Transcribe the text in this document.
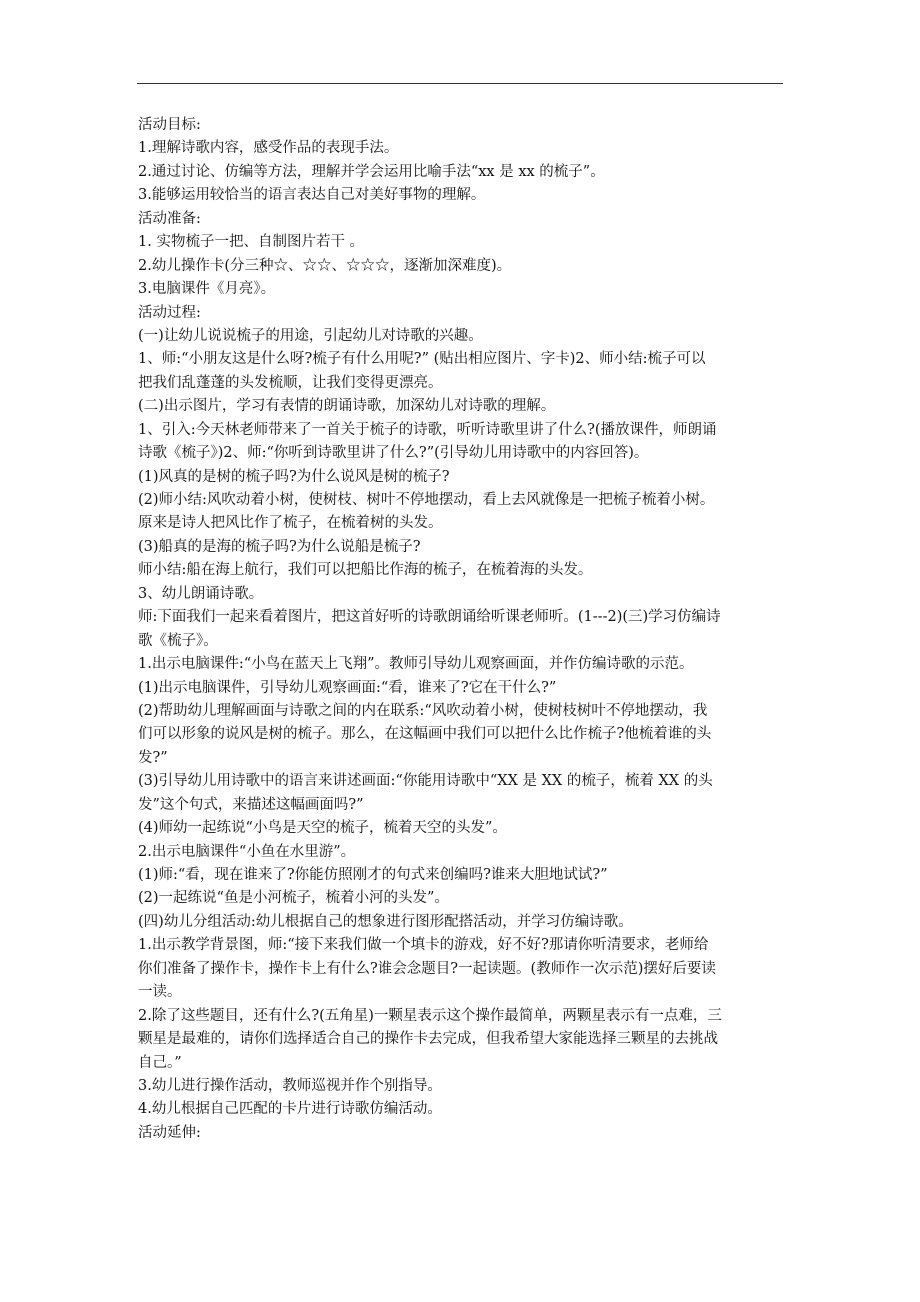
活动目标:
1.理解诗歌内容，感受作品的表现手法。
2.通过讨论、仿编等方法，理解并学会运用比喻手法“xx 是 xx 的梳子”。
3.能够运用较恰当的语言表达自己对美好事物的理解。
活动准备:
1. 实物梳子一把、自制图片若干 。
2.幼儿操作卡(分三种☆、☆☆、☆☆☆，逐渐加深难度)。
3.电脑课件《月亮》。
活动过程:
(一)让幼儿说说梳子的用途，引起幼儿对诗歌的兴趣。
1、师:“小朋友这是什么呀?梳子有什么用呢?” (贴出相应图片、字卡)2、师小结:梳子可以
把我们乱蓬蓬的头发梳顺，让我们变得更漂亮。
(二)出示图片，学习有表情的朗诵诗歌，加深幼儿对诗歌的理解。
1、引入:今天林老师带来了一首关于梳子的诗歌，听听诗歌里讲了什么?(播放课件，师朗诵
诗歌《梳子》)2、师:“你听到诗歌里讲了什么?”(引导幼儿用诗歌中的内容回答)。
(1)风真的是树的梳子吗?为什么说风是树的梳子?
(2)师小结:风吹动着小树，使树枝、树叶不停地摆动，看上去风就像是一把梳子梳着小树。
原来是诗人把风比作了梳子，在梳着树的头发。
(3)船真的是海的梳子吗?为什么说船是梳子?
师小结:船在海上航行，我们可以把船比作海的梳子，在梳着海的头发。
3、幼儿朗诵诗歌。
师:下面我们一起来看着图片，把这首好听的诗歌朗诵给听课老师听。(1---2)(三)学习仿编诗
歌《梳子》。
1.出示电脑课件:“小鸟在蓝天上飞翔”。教师引导幼儿观察画面，并作仿编诗歌的示范。
(1)出示电脑课件，引导幼儿观察画面:“看，谁来了?它在干什么?”
(2)帮助幼儿理解画面与诗歌之间的内在联系:“风吹动着小树，使树枝树叶不停地摆动，我
们可以形象的说风是树的梳子。那么，在这幅画中我们可以把什么比作梳子?他梳着谁的头
发?”
(3)引导幼儿用诗歌中的语言来讲述画面:“你能用诗歌中“XX 是 XX 的梳子，梳着 XX 的头
发”这个句式，来描述这幅画面吗?”
(4)师幼一起练说“小鸟是天空的梳子，梳着天空的头发”。
2.出示电脑课件“小鱼在水里游”。
(1)师:“看，现在谁来了?你能仿照刚才的句式来创编吗?谁来大胆地试试?”
(2)一起练说“鱼是小河梳子，梳着小河的头发”。
(四)幼儿分组活动:幼儿根据自己的想象进行图形配搭活动，并学习仿编诗歌。
1.出示教学背景图，师:“接下来我们做一个填卡的游戏，好不好?那请你听清要求，老师给
你们准备了操作卡，操作卡上有什么?谁会念题目?一起读题。(教师作一次示范)摆好后要读
一读。
2.除了这些题目，还有什么?(五角星)一颗星表示这个操作最简单，两颗星表示有一点难，三
颗星是最难的，请你们选择适合自己的操作卡去完成，但我希望大家能选择三颗星的去挑战
自己。”
3.幼儿进行操作活动，教师巡视并作个别指导。
4.幼儿根据自己匹配的卡片进行诗歌仿编活动。
活动延伸:
